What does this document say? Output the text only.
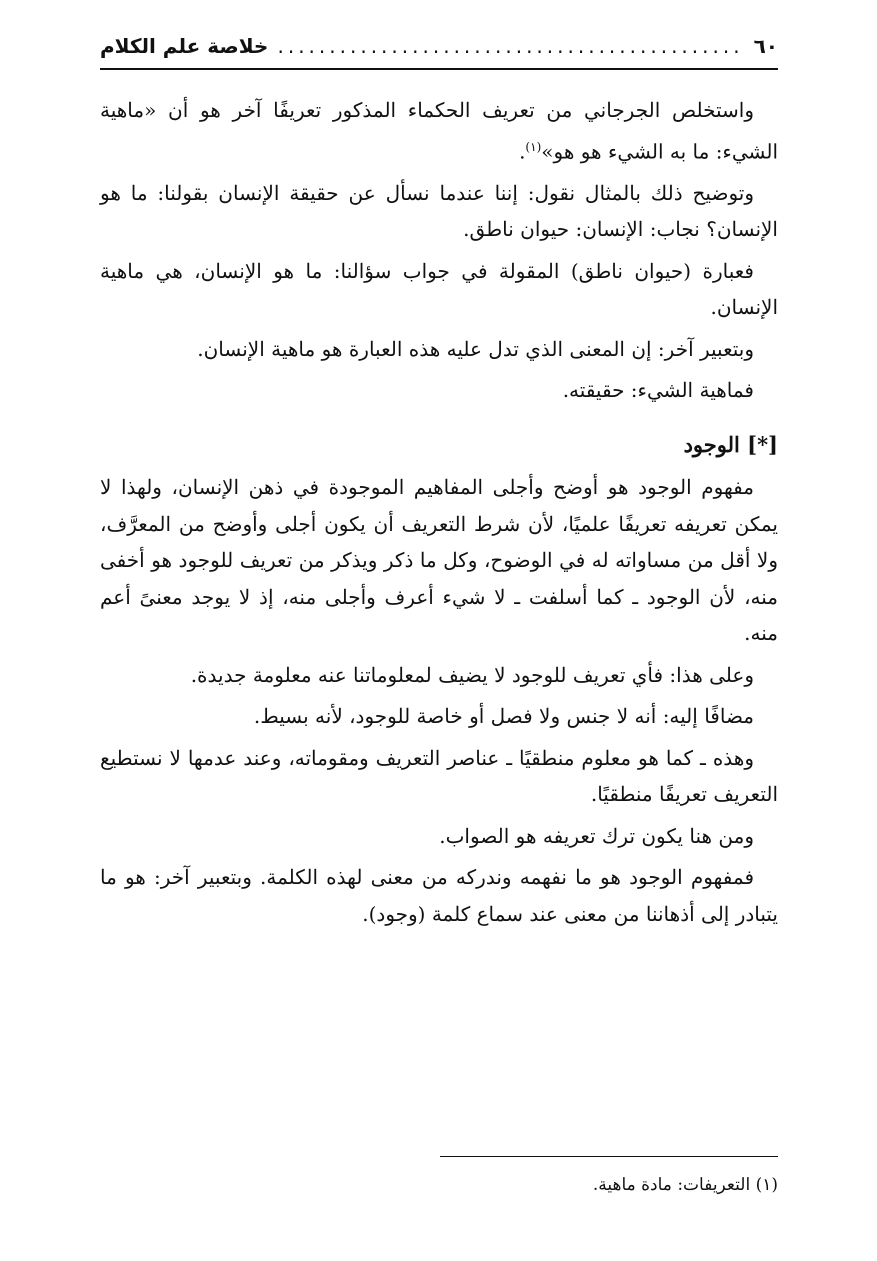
٦٠
.....
خلاصة علم الكلام

واستخلص الجرجاني من تعريف الحكماء المذكور تعريفًا آخر هو أن «ماهية الشيء: ما به الشيء هو هو»$^{(١)}$.

وتوضيح ذلك بالمثال نقول: إننا عندما نسأل عن حقيقة الإنسان بقولنا: ما هو الإنسان؟ نجاب: الإنسان: حيوان ناطق.

فعبارة (حيوان ناطق) المقولة في جواب سؤالنا: ما هو الإنسان، هي ماهية الإنسان.

وبتعبير آخر: إن المعنى الذي تدل عليه هذه العبارة هو ماهية الإنسان.

فماهية الشيء: حقيقته.

[*] الوجود

مفهوم الوجود هو أوضح وأجلى المفاهيم الموجودة في ذهن الإنسان، ولهذا لا يمكن تعريفه تعريفًا علميًا، لأن شرط التعريف أن يكون أجلى وأوضح من المعرَّف، ولا أقل من مساواته له في الوضوح، وكل ما ذكر ويذكر من تعريف للوجود هو أخفى منه، لأن الوجود ـ كما أسلفت ـ لا شيء أعرف وأجلى منه، إذ لا يوجد معنىً أعم منه.

وعلى هذا: فأي تعريف للوجود لا يضيف لمعلوماتنا عنه معلومة جديدة.

مضافًا إليه: أنه لا جنس ولا فصل أو خاصة للوجود، لأنه بسيط.

وهذه ـ كما هو معلوم منطقيًا ـ عناصر التعريف ومقوماته، وعند عدمها لا نستطيع التعريف تعريفًا منطقيًا.

ومن هنا يكون ترك تعريفه هو الصواب.

فمفهوم الوجود هو ما نفهمه وندركه من معنى لهذه الكلمة. وبتعبير آخر: هو ما يتبادر إلى أذهاننا من معنى عند سماع كلمة (وجود).

(١) التعريفات: مادة ماهية.
